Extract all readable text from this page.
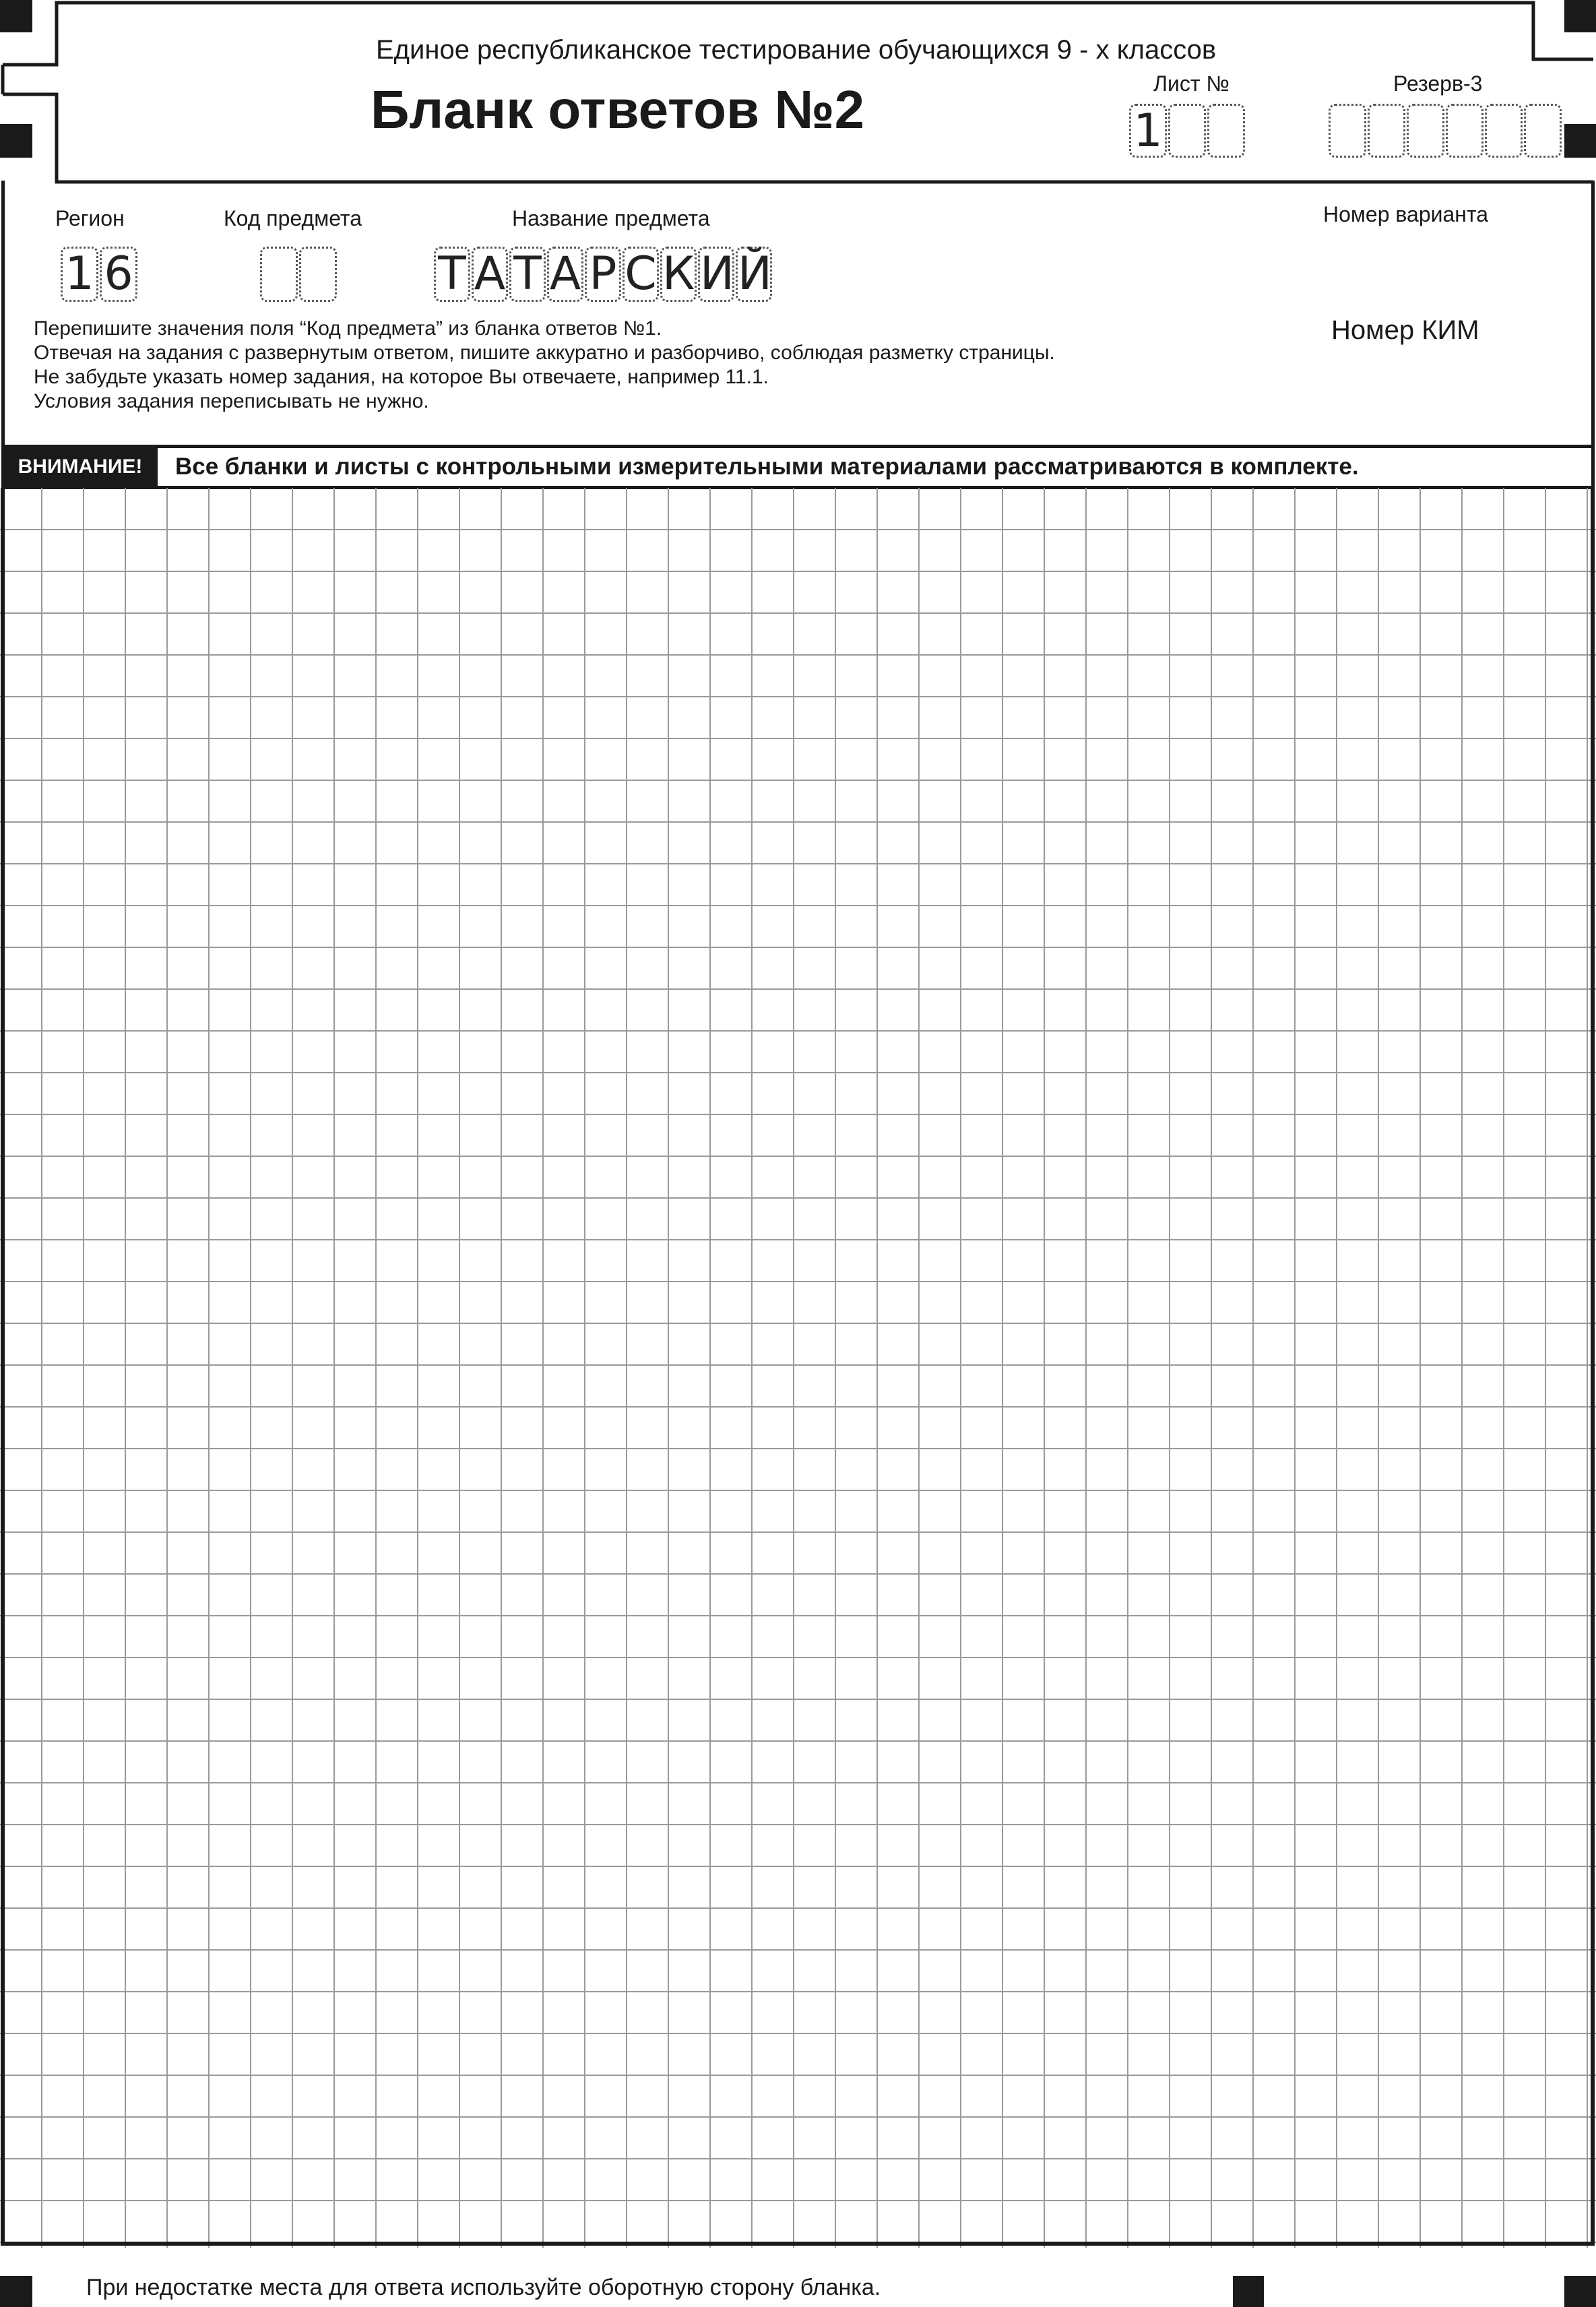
Единое республиканское тестирование обучающихся 9 - х классов
Бланк ответов №2	Лист №
1
Резерв-3
Регион
1 6
Код предмета	Название предмета
Т А Т А Р С К И Й
Номер варианта
Номер КИМ
Перепишите значения поля “Код предмета” из бланка ответов №1.
Отвечая на задания с развернутым ответом, пишите аккуратно и разборчиво, соблюдая разметку страницы.
Не забудьте указать номер задания, на которое Вы отвечаете, например 11.1.
Условия задания переписывать не нужно.
ВНИМАНИЕ!	Все бланки и листы с контрольными измерительными материалами рассматриваются в комплекте.
При недостатке места для ответа используйте оборотную сторону бланка.
